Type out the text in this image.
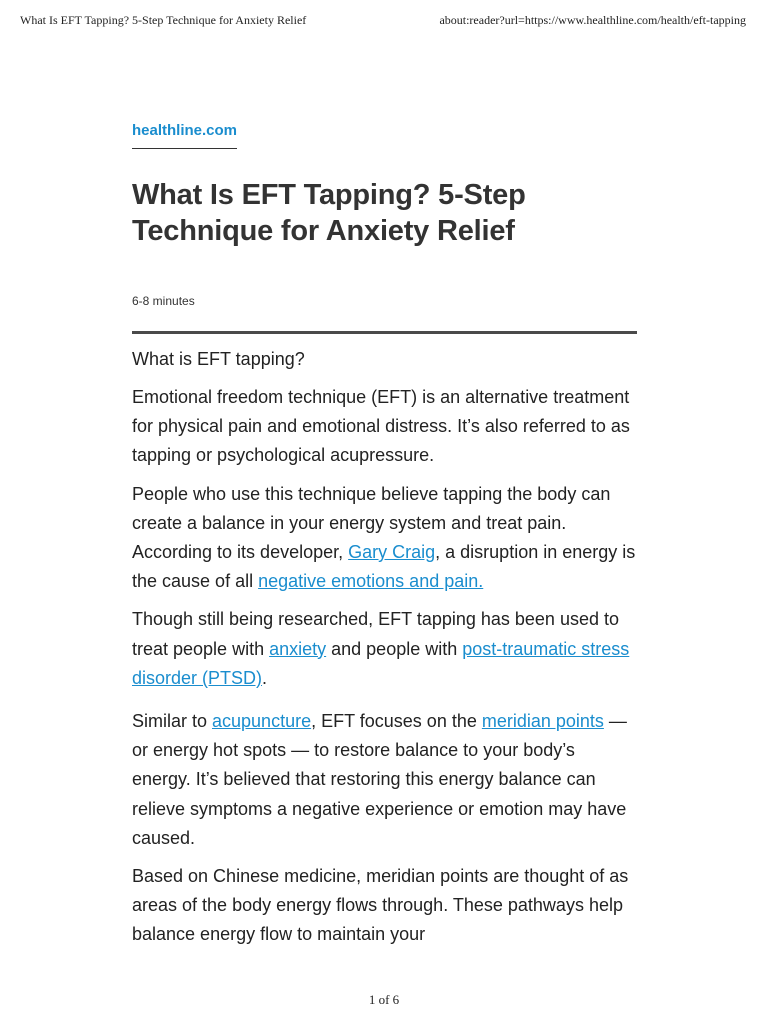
What Is EFT Tapping? 5-Step Technique for Anxiety Relief	about:reader?url=https://www.healthline.com/health/eft-tapping
healthline.com
What Is EFT Tapping? 5-Step Technique for Anxiety Relief
6-8 minutes
What is EFT tapping?

Emotional freedom technique (EFT) is an alternative treatment for physical pain and emotional distress. It’s also referred to as tapping or psychological acupressure.

People who use this technique believe tapping the body can create a balance in your energy system and treat pain. According to its developer, Gary Craig, a disruption in energy is the cause of all negative emotions and pain.

Though still being researched, EFT tapping has been used to treat people with anxiety and people with post-traumatic stress disorder (PTSD).

Similar to acupuncture, EFT focuses on the meridian points — or energy hot spots — to restore balance to your body’s energy. It’s believed that restoring this energy balance can relieve symptoms a negative experience or emotion may have caused.

Based on Chinese medicine, meridian points are thought of as areas of the body energy flows through. These pathways help balance energy flow to maintain your

1 of 6
